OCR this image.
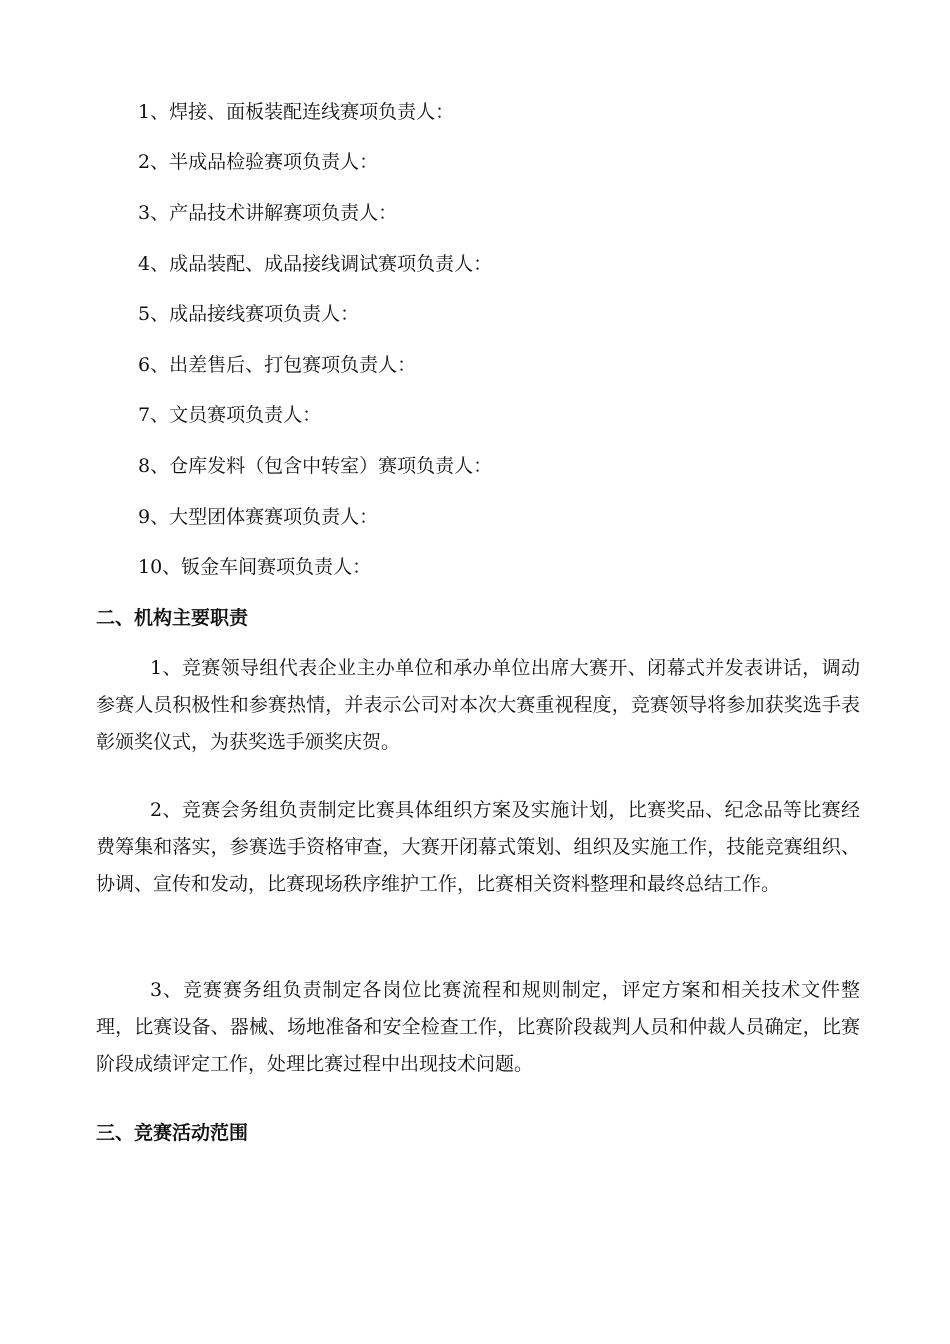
1、焊接、面板装配连线赛项负责人：
2、半成品检验赛项负责人：
3、产品技术讲解赛项负责人：
4、成品装配、成品接线调试赛项负责人：
5、成品接线赛项负责人：
6、出差售后、打包赛项负责人：
7、文员赛项负责人：
8、仓库发料（包含中转室）赛项负责人：
9、大型团体赛赛项负责人：
10、钣金车间赛项负责人：
二、机构主要职责
1、竞赛领导组代表企业主办单位和承办单位出席大赛开、闭幕式并发表讲话，调动参赛人员积极性和参赛热情，并表示公司对本次大赛重视程度，竞赛领导将参加获奖选手表彰颁奖仪式，为获奖选手颁奖庆贺。
2、竞赛会务组负责制定比赛具体组织方案及实施计划，比赛奖品、纪念品等比赛经费筹集和落实，参赛选手资格审查，大赛开闭幕式策划、组织及实施工作，技能竞赛组织、协调、宣传和发动，比赛现场秩序维护工作，比赛相关资料整理和最终总结工作。
3、竞赛赛务组负责制定各岗位比赛流程和规则制定，评定方案和相关技术文件整理，比赛设备、器械、场地准备和安全检查工作，比赛阶段裁判人员和仲裁人员确定，比赛阶段成绩评定工作，处理比赛过程中出现技术问题。
三、竞赛活动范围
